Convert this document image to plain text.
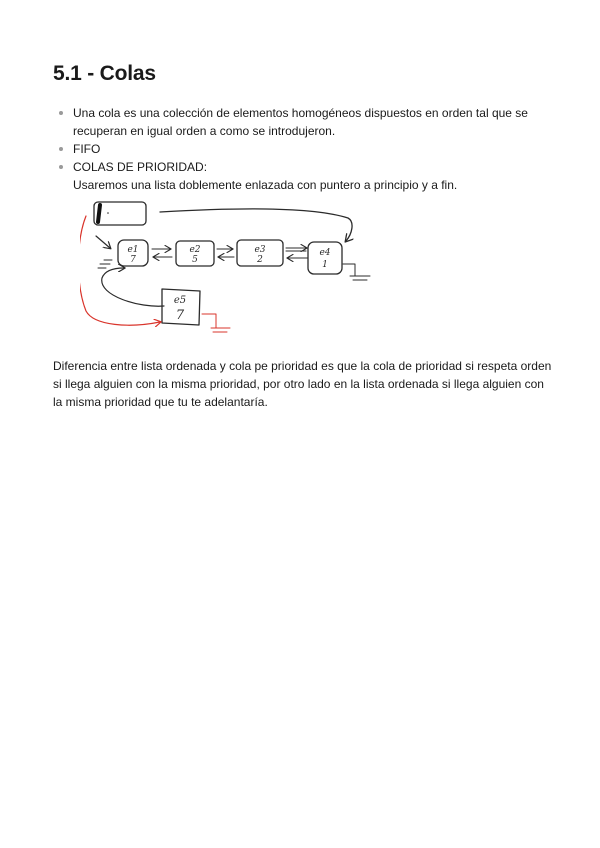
5.1 - Colas
Una cola es una colección de elementos homogéneos dispuestos en orden tal que se recuperan en igual orden a como se introdujeron.
FIFO
COLAS DE PRIORIDAD:
Usaremos una lista doblemente enlazada con puntero a principio y a fin.
e1
7
e2
5
e3
2
e4
1
e5
7

Diferencia entre lista ordenada y cola pe prioridad es que la cola de prioridad si respeta orden si llega alguien con la misma prioridad, por otro lado en la lista ordenada si llega alguien con la misma prioridad que tu te adelantaría.
